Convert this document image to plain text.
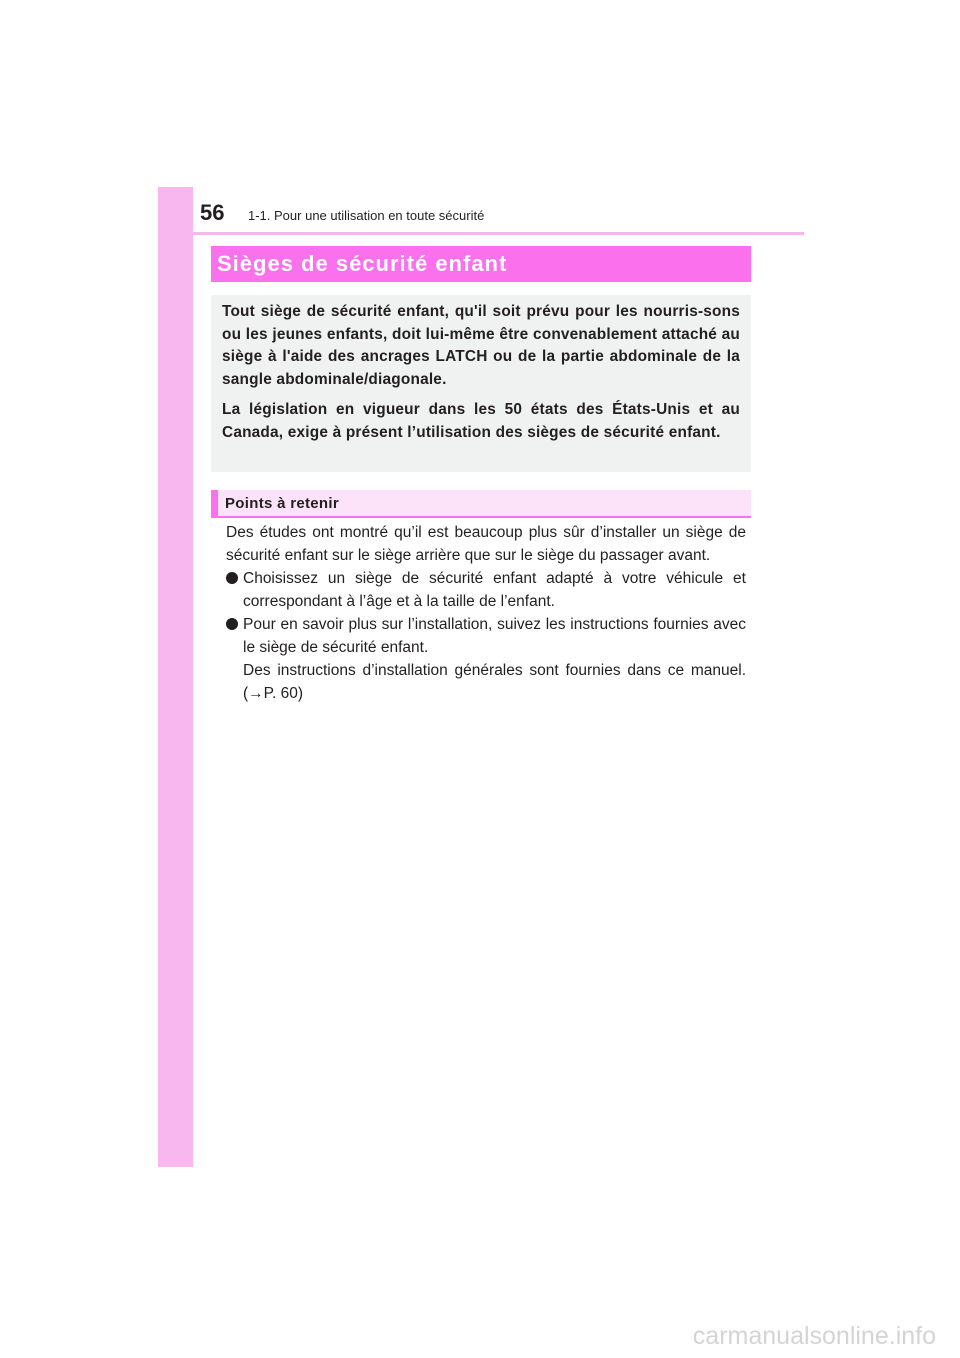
56 1-1. Pour une utilisation en toute sécurité
Sièges de sécurité enfant

Tout siège de sécurité enfant, qu'il soit prévu pour les nourris-sons ou les jeunes enfants, doit lui-même être convenablement attaché au siège à l'aide des ancrages LATCH ou de la partie abdominale de la sangle abdominale/diagonale.

La législation en vigueur dans les 50 états des États-Unis et au Canada, exige à présent l’utilisation des sièges de sécurité enfant.

Points à retenir

Des études ont montré qu’il est beaucoup plus sûr d’installer un siège de sécurité enfant sur le siège arrière que sur le siège du passager avant.

Choisissez un siège de sécurité enfant adapté à votre véhicule et correspondant à l’âge et à la taille de l’enfant.

Pour en savoir plus sur l’installation, suivez les instructions fournies avec le siège de sécurité enfant.

Des instructions d’installation générales sont fournies dans ce manuel. (→P. 60)

carmanualsonline.info
